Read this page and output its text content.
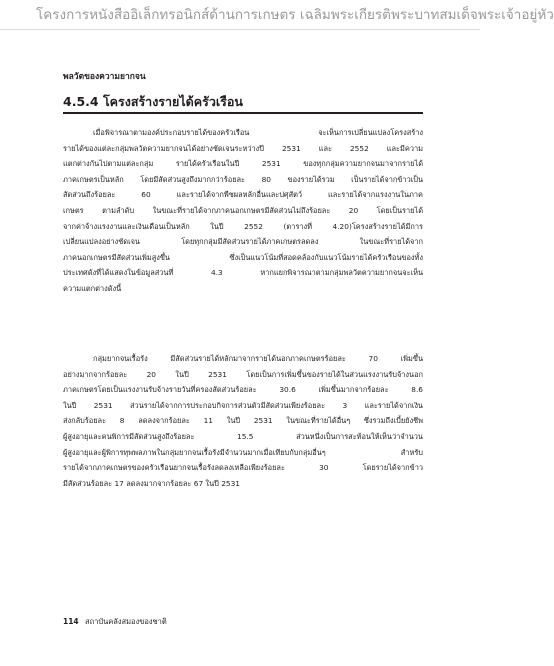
โครงการหนังสืออิเล็กทรอนิกส์ด้านการเกษตร เฉลิมพระเกียรติพระบาทสมเด็จพระเจ้าอยู่หัว
พลวัตของความยากจน
4.5.4 โครงสร้างรายได้ครัวเรือน
เมื่อพิจารณาตามองค์ประกอบรายได้ของครัวเรือน จะเห็นการเปลี่ยนแปลงโครงสร้าง
รายได้ของแต่ละกลุ่มพลวัตความยากจนได้อย่างชัดเจนระหว่างปี 2531 และ 2552 และมีความ
แตกต่างกันไปตามแต่ละกลุ่ม รายได้ครัวเรือนในปี 2531 ของทุกกลุ่มความยากจนมาจากรายได้
ภาคเกษตรเป็นหลัก โดยมีสัดส่วนสูงถึงมากกว่าร้อยละ 80 ของรายได้รวม เป็นรายได้จากข้าวเป็น
สัดส่วนถึงร้อยละ 60 และรายได้จากพืชผลหลักอื่นและปศุสัตว์ และรายได้จากแรงงานในภาค
เกษตร ตามลำดับ ในขณะที่รายได้จากภาคนอกเกษตรมีสัดส่วนไม่ถึงร้อยละ 20 โดยเป็นรายได้
จากค่าจ้างแรงงานและเงินเดือนเป็นหลัก ในปี 2552 (ตารางที่ 4.20)โครงสร้างรายได้มีการ
เปลี่ยนแปลงอย่างชัดเจน โดยทุกกลุ่มมีสัดส่วนรายได้ภาคเกษตรลดลง ในขณะที่รายได้จาก
ภาคนอกเกษตรมีสัดส่วนเพิ่มสูงขึ้น ซึ่งเป็นแนวโน้มที่สอดคล้องกับแนวโน้มรายได้ครัวเรือนของทั้ง
ประเทศดังที่ได้แสดงในข้อมูลส่วนที่ 4.3 หากแยกพิจารณาตามกลุ่มพลวัตความยากจนจะเห็น
ความแตกต่างดังนี้
กลุ่มยากจนเรื้อรัง มีสัดส่วนรายได้หลักมาจากรายได้นอกภาคเกษตรร้อยละ 70 เพิ่มขึ้น
อย่างมากจากร้อยละ 20 ในปี 2531 โดยเป็นการเพิ่มขึ้นของรายได้ในส่วนแรงงานรับจ้างนอก
ภาคเกษตรโดยเป็นแรงงานรับจ้างรายวันที่ครองสัดส่วนร้อยละ 30.6 เพิ่มขึ้นมากจากร้อยละ 8.6
ในปี 2531 ส่วนรายได้จากการประกอบกิจการส่วนตัวมีสัดส่วนเพียงร้อยละ 3 และรายได้จากเงิน
ส่งกลับร้อยละ 8 ลดลงจากร้อยละ 11 ในปี 2531 ในขณะที่รายได้อื่นๆ ซึ่งรวมถึงเบี้ยยังชีพ
ผู้สูงอายุและคนพิการมีสัดส่วนสูงถึงร้อยละ 15.5 ส่วนหนึ่งเป็นการสะท้อนให้เห็นว่าจำนวน
ผู้สูงอายุและผู้พิการทุพพลภาพในกลุ่มยากจนเรื้อรังมีจำนวนมากเมื่อเทียบกับกลุ่มอื่นๆ สำหรับ
รายได้จากภาคเกษตรของครัวเรือนยากจนเรื้อรังลดลงเหลือเพียงร้อยละ 30 โดยรายได้จากข้าว
มีสัดส่วนร้อยละ 17 ลดลงมากจากร้อยละ 67 ในปี 2531
114 สถาบันคลังสมองของชาติ
